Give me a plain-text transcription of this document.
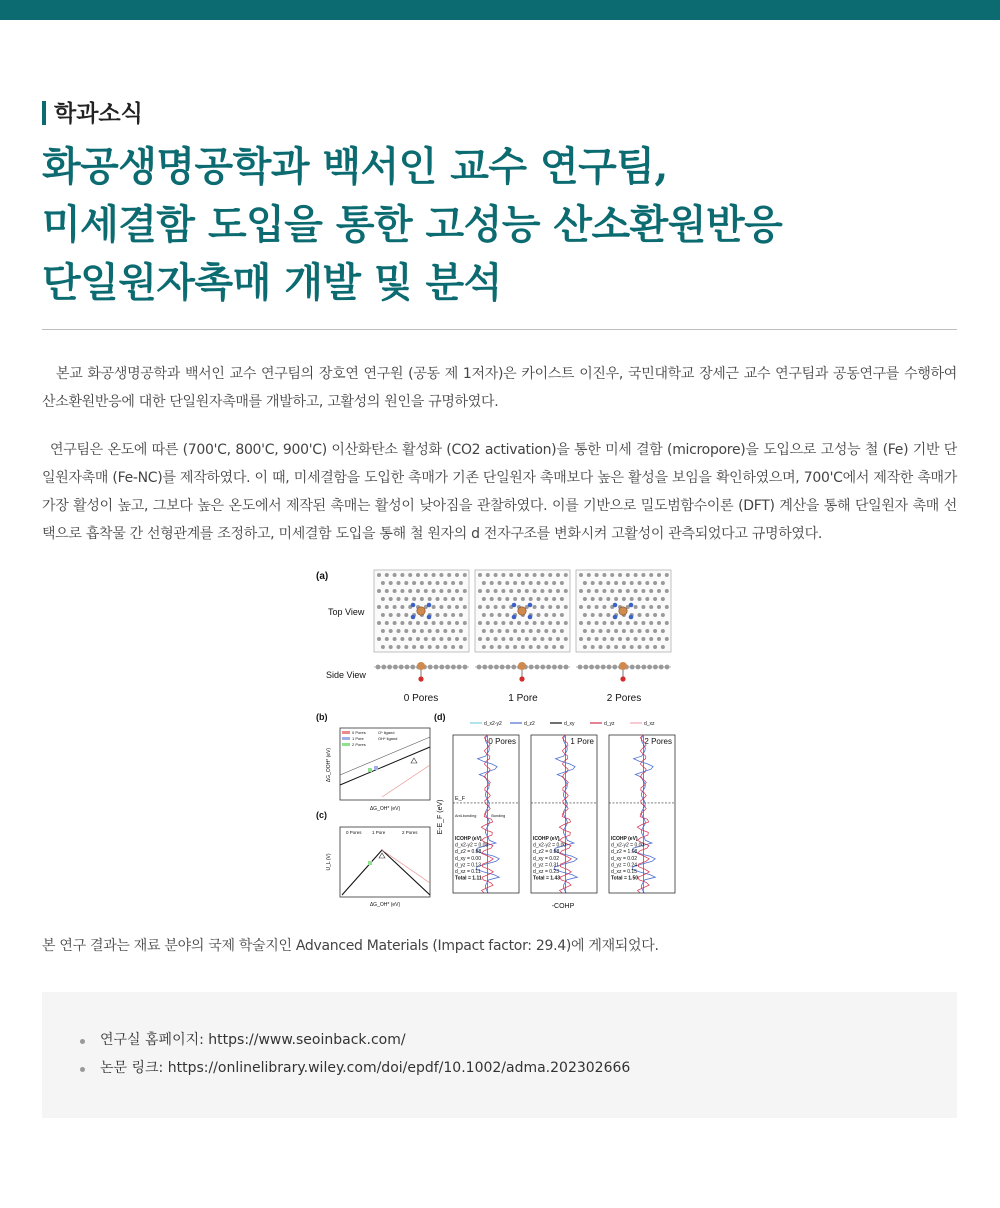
학과소식
화공생명공학과 백서인 교수 연구팀,
미세결함 도입을 통한 고성능 산소환원반응
단일원자촉매 개발 및 분석

본교 화공생명공학과 백서인 교수 연구팀의 장호연 연구원 (공동 제 1저자)은 카이스트 이진우, 국민대학교 장세근 교수 연구팀과 공동연구를 수행하여 산소환원반응에 대한 단일원자촉매를 개발하고, 고활성의 원인을 규명하였다.

연구팀은 온도에 따른 (700'C, 800'C, 900'C) 이산화탄소 활성화 (CO2 activation)을 통한 미세 결함 (micropore)을 도입으로 고성능 철 (Fe) 기반 단일원자촉매 (Fe-NC)를 제작하였다. 이 때, 미세결함을 도입한 촉매가 기존 단일원자 촉매보다 높은 활성을 보임을 확인하였으며, 700'C에서 제작한 촉매가 가장 활성이 높고, 그보다 높은 온도에서 제작된 촉매는 활성이 낮아짐을 관찰하였다. 이를 기반으로 밀도범함수이론 (DFT) 계산을 통해 단일원자 촉매 선택으로 흡착물 간 선형관계를 조정하고, 미세결함 도입을 통해 철 원자의 d 전자구조를 변화시켜 고활성이 관측되었다고 규명하였다.

(a)
Top View
Side View
0 Pores	1 Pore	2 Pores
(b)
0 Pores
1 Pore
2 Pores
O* ligand
OH* ligand
ΔG_OH* (eV)
ΔG_OOH* (eV)
(c)
0 Pores 1 Pore	2 Pores
ΔG_OH* (eV)
U_L (V)
(d)
d_x2-y2	d_z2	d_xy	d_yz	d_xz
0 Pores
E_F
Anti-bonding	Bonding
ICOHP (eV)
d_x2-y2 = 0.08
d_z2 = 0.88
d_xy = 0.00
d_yz = 0.13
d_xz = 0.11
Total = 1.11
1 Pore
ICOHP (eV)
d_x2-y2 = 0.00
d_z2 = 0.88
d_xy = 0.02
d_yz = 0.31
d_xz = 0.23
Total = 1.43
2 Pores
ICOHP (eV)
d_x2-y2 = 0.00
d_z2 = 1.08
d_xy = 0.02
d_yz = 0.24
d_xz = 0.15
Total = 1.50
E-E_F (eV)
-COHP

본 연구 결과는 재료 분야의 국제 학술지인 Advanced Materials (Impact factor: 29.4)에 게재되었다.

연구실 홈페이지: https://www.seoinback.com/
논문 링크: https://onlinelibrary.wiley.com/doi/epdf/10.1002/adma.202302666
